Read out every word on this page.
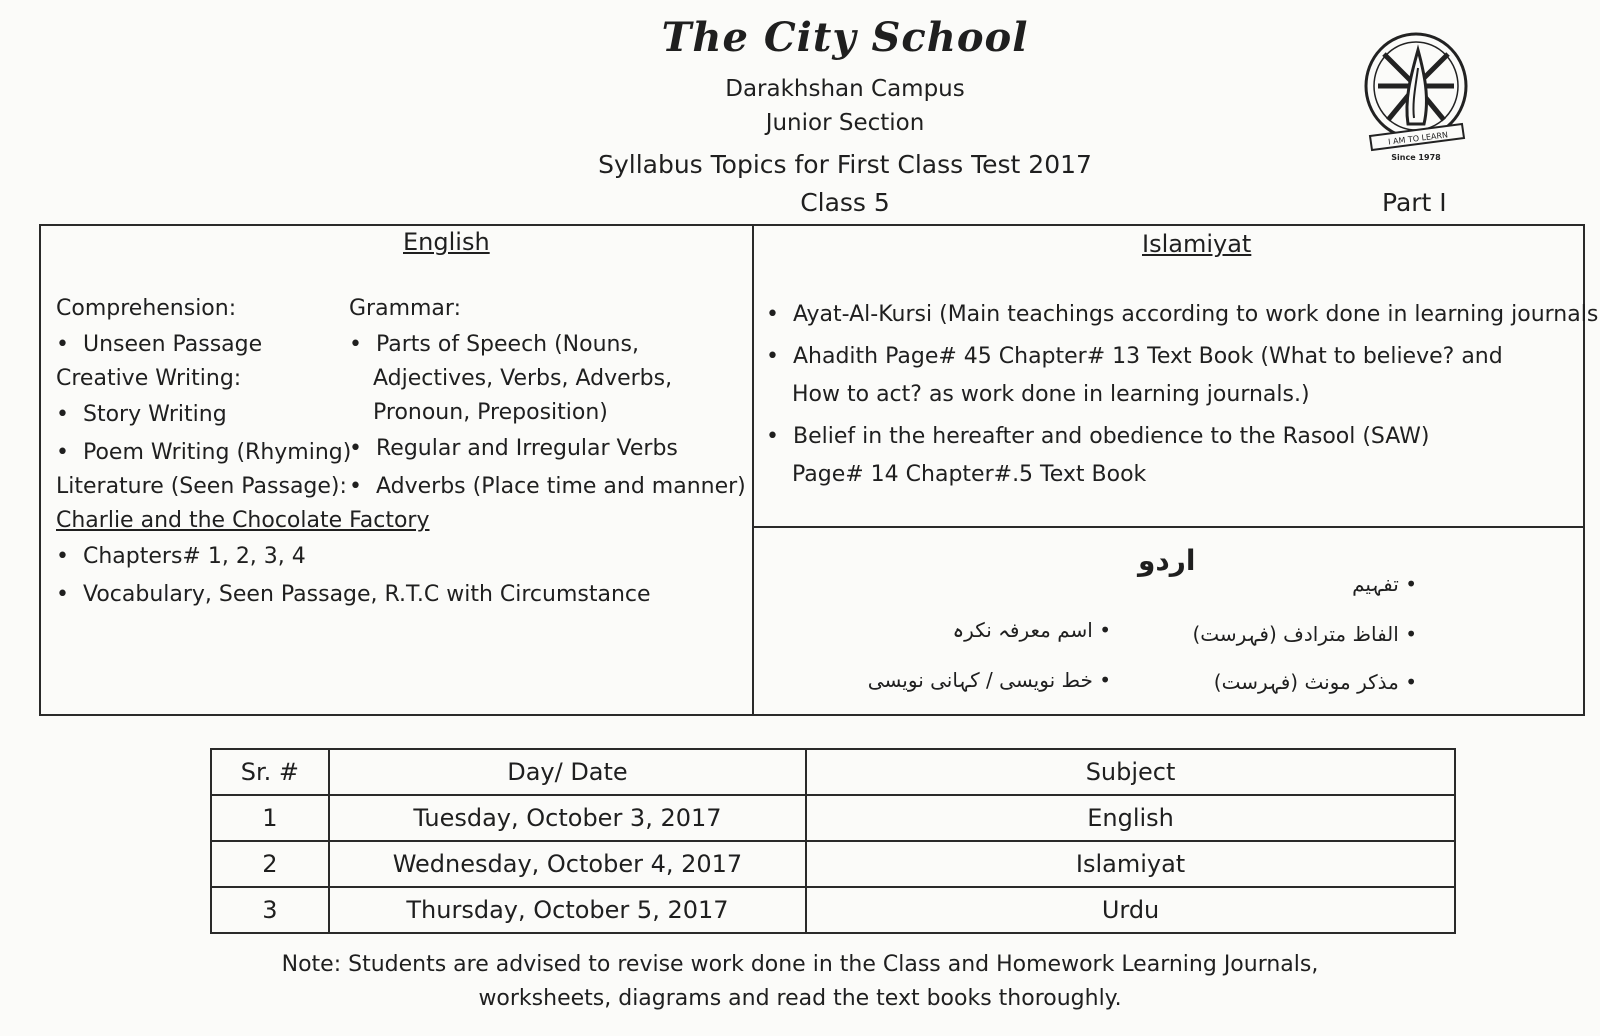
The City School
Darakhshan Campus
Junior Section
Syllabus Topics for First Class Test 2017
Class 5	Part I
I AM TO LEARN
Since 1978
English
Comprehension:
• Unseen Passage
Creative Writing:
• Story Writing
• Poem Writing (Rhyming)
Literature (Seen Passage):
Charlie and the Chocolate Factory
• Chapters# 1, 2, 3, 4
• Vocabulary, Seen Passage, R.T.C with Circumstance
Grammar:
• Parts of Speech (Nouns,
Adjectives, Verbs, Adverbs,
Pronoun, Preposition)
• Regular and Irregular Verbs
• Adverbs (Place time and manner)
Islamiyat
• Ayat-Al-Kursi (Main teachings according to work done in learning journals
• Ahadith Page# 45 Chapter# 13 Text Book (What to believe? and
How to act? as work done in learning journals.)
• Belief in the hereafter and obedience to the Rasool (SAW)
Page# 14 Chapter#.5 Text Book
اردو
• تفہیم
• الفاظ مترادف (فہرست)
• مذکر مونث (فہرست)
• اسم معرفہ نکرہ
• خط نویسی / کہانی نویسی
Sr. #	Day/ Date	Subject
1	Tuesday, October 3, 2017	English
2	Wednesday, October 4, 2017	Islamiyat
3	Thursday, October 5, 2017	Urdu
Note: Students are advised to revise work done in the Class and Homework Learning Journals,
worksheets, diagrams and read the text books thoroughly.
